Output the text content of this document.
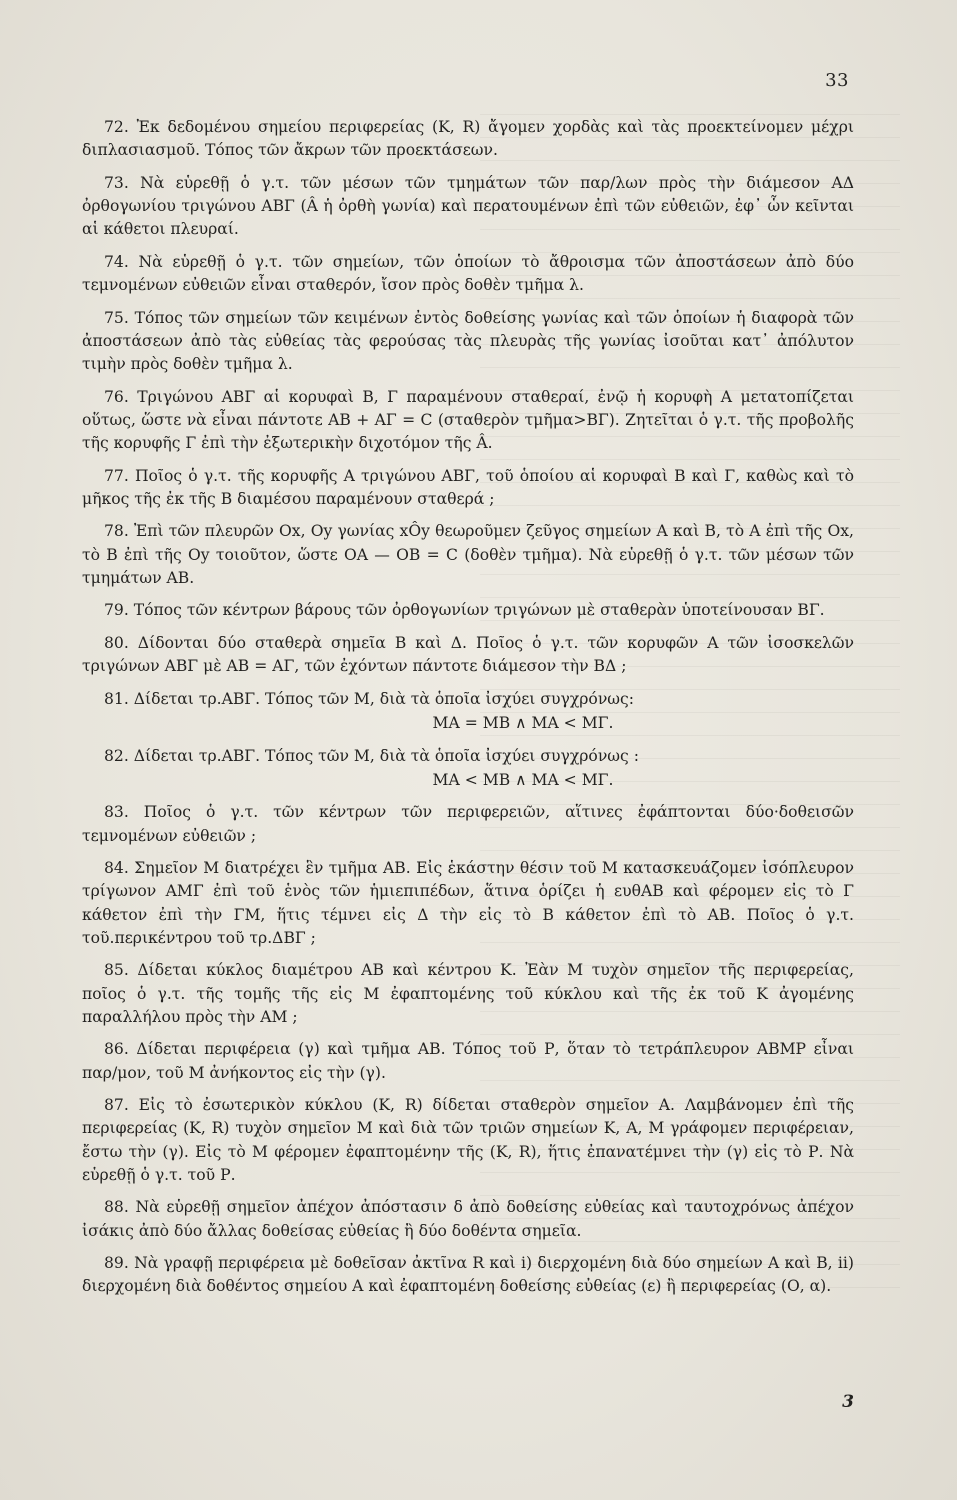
33

72. Ἐκ δεδομένου σημείου περιφερείας (Κ, R) ἄγομεν χορδὰς καὶ τὰς προεκτείνομεν μέχρι διπλασιασμοῦ. Τόπος τῶν ἄκρων τῶν προεκτάσεων.

73. Νὰ εὑρεθῇ ὁ γ.τ. τῶν μέσων τῶν τμημάτων τῶν παρ/λων πρὸς τὴν διάμεσον ΑΔ ὀρθογωνίου τριγώνου ΑΒΓ (Â ἡ ὀρθὴ γωνία) καὶ περατουμένων ἐπὶ τῶν εὐθειῶν, ἐφ᾽ ὧν κεῖνται αἱ κάθετοι πλευραί.

74. Νὰ εὑρεθῇ ὁ γ.τ. τῶν σημείων, τῶν ὁποίων τὸ ἄθροισμα τῶν ἀποστάσεων ἀπὸ δύο τεμνομένων εὐθειῶν εἶναι σταθερόν, ἴσον πρὸς δοθὲν τμῆμα λ.

75. Τόπος τῶν σημείων τῶν κειμένων ἐντὸς δοθείσης γωνίας καὶ τῶν ὁποίων ἡ διαφορὰ τῶν ἀποστάσεων ἀπὸ τὰς εὐθείας τὰς φερούσας τὰς πλευρὰς τῆς γωνίας ἰσοῦται κατ᾽ ἀπόλυτον τιμὴν πρὸς δοθὲν τμῆμα λ.

76. Τριγώνου ΑΒΓ αἱ κορυφαὶ Β, Γ παραμένουν σταθεραί, ἐνῷ ἡ κορυφὴ Α μετατοπίζεται οὕτως, ὥστε νὰ εἶναι πάντοτε ΑΒ + ΑΓ = C (σταθερὸν τμῆμα>ΒΓ). Ζητεῖται ὁ γ.τ. τῆς προβολῆς τῆς κορυφῆς Γ ἐπὶ τὴν ἐξωτερικὴν διχοτόμον τῆς Â.

77. Ποῖος ὁ γ.τ. τῆς κορυφῆς Α τριγώνου ΑΒΓ, τοῦ ὁποίου αἱ κορυφαὶ Β καὶ Γ, καθὼς καὶ τὸ μῆκος τῆς ἐκ τῆς Β διαμέσου παραμένουν σταθερά ;

78. Ἐπὶ τῶν πλευρῶν Οx, Οy γωνίας xÔy θεωροῦμεν ζεῦγος σημείων Α καὶ Β, τὸ Α ἐπὶ τῆς Οx, τὸ Β ἐπὶ τῆς Οy τοιοῦτον, ὥστε ΟΑ — ΟΒ = C (δοθὲν τμῆμα). Νὰ εὑρεθῇ ὁ γ.τ. τῶν μέσων τῶν τμημάτων ΑΒ.

79. Τόπος τῶν κέντρων βάρους τῶν ὀρθογωνίων τριγώνων μὲ σταθερὰν ὑποτείνουσαν ΒΓ.

80. Δίδονται δύο σταθερὰ σημεῖα Β καὶ Δ. Ποῖος ὁ γ.τ. τῶν κορυφῶν Α τῶν ἰσοσκελῶν τριγώνων ΑΒΓ μὲ ΑΒ = ΑΓ, τῶν ἐχόντων πάντοτε διάμεσον τὴν ΒΔ ;

81. Δίδεται τρ.ΑΒΓ. Τόπος τῶν Μ, διὰ τὰ ὁποῖα ἰσχύει συγχρόνως:
ΜΑ = ΜΒ ∧ ΜΑ < ΜΓ.

82. Δίδεται τρ.ΑΒΓ. Τόπος τῶν Μ, διὰ τὰ ὁποῖα ἰσχύει συγχρόνως :
ΜΑ < ΜΒ ∧ ΜΑ < ΜΓ.

83. Ποῖος ὁ γ.τ. τῶν κέντρων τῶν περιφερειῶν, αἵτινες ἐφάπτονται δύο·δοθεισῶν τεμνομένων εὐθειῶν ;

84. Σημεῖον Μ διατρέχει ἓν τμῆμα ΑΒ. Εἰς ἑκάστην θέσιν τοῦ Μ κατασκευάζομεν ἰσόπλευρον τρίγωνον ΑΜΓ ἐπὶ τοῦ ἑνὸς τῶν ἡμιεπιπέδων, ἅτινα ὁρίζει ἡ ευθΑΒ καὶ φέρομεν εἰς τὸ Γ κάθετον ἐπὶ τὴν ΓΜ, ἥτις τέμνει εἰς Δ τὴν εἰς τὸ Β κάθετον ἐπὶ τὸ ΑΒ. Ποῖος ὁ γ.τ. τοῦ.περικέντρου τοῦ τρ.ΔΒΓ ;

85. Δίδεται κύκλος διαμέτρου ΑΒ καὶ κέντρου Κ. Ἐὰν Μ τυχὸν σημεῖον τῆς περιφερείας, ποῖος ὁ γ.τ. τῆς τομῆς τῆς εἰς Μ ἐφαπτομένης τοῦ κύκλου καὶ τῆς ἐκ τοῦ Κ ἀγομένης παραλλήλου πρὸς τὴν ΑΜ ;

86. Δίδεται περιφέρεια (γ) καὶ τμῆμα ΑΒ. Τόπος τοῦ Ρ, ὅταν τὸ τετράπλευρον ΑΒΜΡ εἶναι παρ/μον, τοῦ Μ ἀνήκοντος εἰς τὴν (γ).

87. Εἰς τὸ ἐσωτερικὸν κύκλου (Κ, R) δίδεται σταθερὸν σημεῖον Α. Λαμβάνομεν ἐπὶ τῆς περιφερείας (Κ, R) τυχὸν σημεῖον Μ καὶ διὰ τῶν τριῶν σημείων Κ, Α, Μ γράφομεν περιφέρειαν, ἔστω τὴν (γ). Εἰς τὸ Μ φέρομεν ἐφαπτομένην τῆς (Κ, R), ἥτις ἐπανατέμνει τὴν (γ) εἰς τὸ Ρ. Νὰ εὑρεθῇ ὁ γ.τ. τοῦ Ρ.

88. Νὰ εὑρεθῇ σημεῖον ἀπέχον ἀπόστασιν δ ἀπὸ δοθείσης εὐθείας καὶ ταυτοχρόνως ἀπέχον ἰσάκις ἀπὸ δύο ἄλλας δοθείσας εὐθείας ἢ δύο δοθέντα σημεῖα.

89. Νὰ γραφῇ περιφέρεια μὲ δοθεῖσαν ἀκτῖνα R καὶ i) διερχομένη διὰ δύο σημείων Α καὶ Β, ii) διερχομένη διὰ δοθέντος σημείου Α καὶ ἐφαπτομένη δοθείσης εὐθείας (ε) ἢ περιφερείας (Ο, α).

3
